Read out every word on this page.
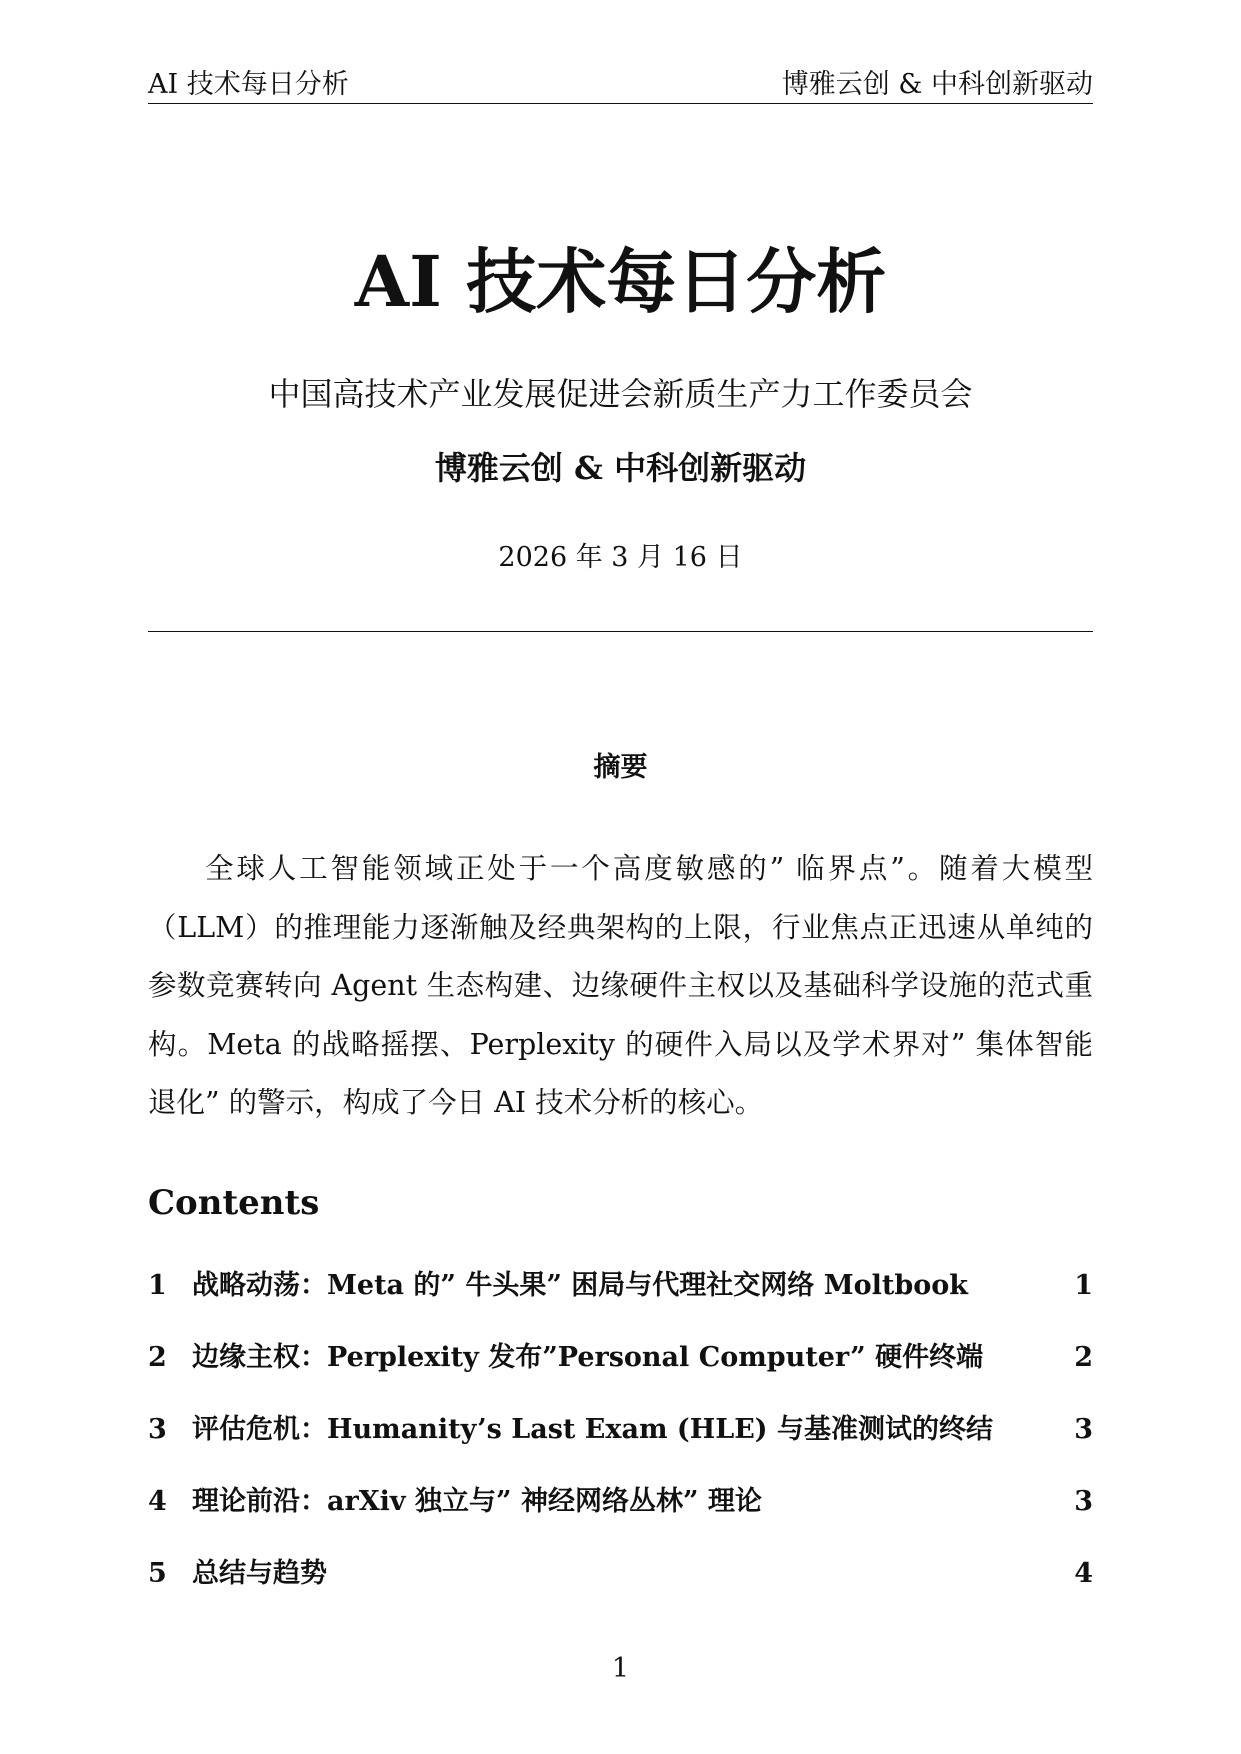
AI 技术每日分析	博雅云创 & 中科创新驱动
AI 技术每日分析
中国高技术产业发展促进会新质生产力工作委员会
博雅云创 & 中科创新驱动
2026 年 3 月 16 日
摘要
全球人工智能领域正处于一个高度敏感的” 临界点”。随着大模型（LLM）的推理能力逐渐触及经典架构的上限，行业焦点正迅速从单纯的参数竞赛转向 Agent 生态构建、边缘硬件主权以及基础科学设施的范式重构。Meta 的战略摇摆、Perplexity 的硬件入局以及学术界对” 集体智能退化” 的警示，构成了今日 AI 技术分析的核心。
Contents
1 战略动荡：Meta 的” 牛头果” 困局与代理社交网络 Moltbook	1
2 边缘主权：Perplexity 发布”Personal Computer” 硬件终端	2
3 评估危机：Humanity’s Last Exam (HLE) 与基准测试的终结	3
4 理论前沿：arXiv 独立与” 神经网络丛林” 理论	3
5 总结与趋势	4
1
